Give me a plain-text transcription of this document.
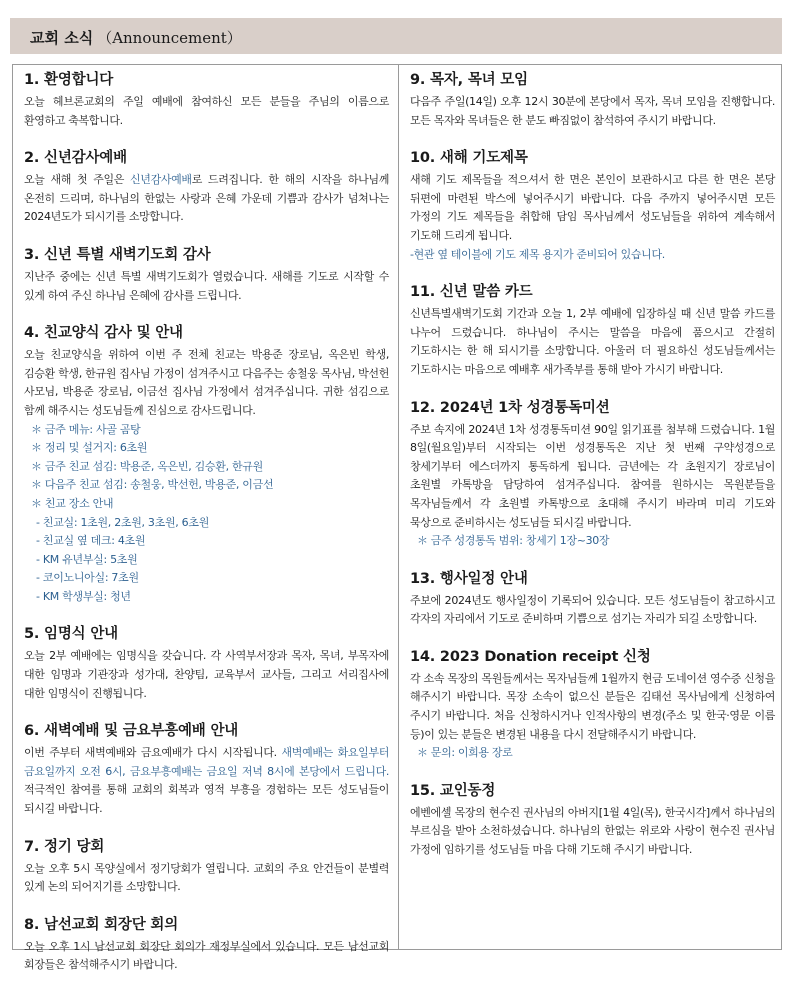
교회 소식 （Announcement）
1. 환영합니다

오늘 헤브론교회의 주일 예배에 참여하신 모든 분들을 주님의 이름으로 환영하고 축복합니다.

2. 신년감사예배

오늘 새해 첫 주일은 신년감사예배로 드려집니다. 한 해의 시작을 하나님께 온전히 드리며, 하나님의 한없는 사랑과 은혜 가운데 기쁨과 감사가 넘쳐나는 2024년도가 되시기를 소망합니다.

3. 신년 특별 새벽기도회 감사

지난주 중에는 신년 특별 새벽기도회가 열렸습니다. 새해를 기도로 시작할 수 있게 하여 주신 하나님 은혜에 감사를 드립니다.

4. 친교양식 감사 및 안내

오늘 친교양식을 위하여 이번 주 전체 친교는 박용준 장로님, 옥은빈 학생, 김승환 학생, 한규원 집사님 가정이 섬겨주시고 다음주는 송철웅 목사님, 박선헌 사모님, 박용준 장로님, 이금선 집사님 가정에서 섬겨주십니다. 귀한 섬김으로 함께 해주시는 성도님들께 진심으로 감사드립니다.

＊ 금주 메뉴: 사골 곰탕
＊ 정리 및 설거지: 6초원
＊ 금주 친교 섬김: 박용준, 옥은빈, 김승환, 한규원
＊ 다음주 친교 섬김: 송철웅, 박선헌, 박용준, 이금선
＊ 친교 장소 안내
- 친교실: 1초원, 2초원, 3초원, 6초원
- 친교실 옆 데크: 4초원
- KM 유년부실: 5초원
- 코이노니아실: 7초원
- KM 학생부실: 청년
5. 임명식 안내

오늘 2부 예배에는 임명식을 갖습니다. 각 사역부서장과 목자, 목녀, 부목자에 대한 임명과 기관장과 성가대, 찬양팀, 교육부서 교사들, 그리고 서리집사에 대한 임명식이 진행됩니다.

6. 새벽예배 및 금요부흥예배 안내

이번 주부터 새벽예배와 금요예배가 다시 시작됩니다. 새벽예배는 화요일부터 금요일까지 오전 6시, 금요부흥예배는 금요일 저녁 8시에 본당에서 드립니다. 적극적인 참여를 통해 교회의 회복과 영적 부흥을 경험하는 모든 성도님들이 되시길 바랍니다.

7. 정기 당회

오늘 오후 5시 목양실에서 정기당회가 열립니다. 교회의 주요 안건들이 분별력 있게 논의 되어지기를 소망합니다.

8. 남선교회 회장단 회의

오늘 오후 1시 남선교회 회장단 회의가 재정부실에서 있습니다. 모든 남선교회 회장들은 참석해주시기 바랍니다.

9. 목자, 목녀 모임

다음주 주일(14일) 오후 12시 30분에 본당에서 목자, 목녀 모임을 진행합니다. 모든 목자와 목녀들은 한 분도 빠짐없이 참석하여 주시기 바랍니다.

10. 새해 기도제목

새해 기도 제목들을 적으셔서 한 면은 본인이 보관하시고 다른 한 면은 본당 뒤편에 마련된 박스에 넣어주시기 바랍니다. 다음 주까지 넣어주시면 모든 가정의 기도 제목들을 취합해 담임 목사님께서 성도님들을 위하여 계속해서 기도해 드리게 됩니다.

-현관 옆 테이블에 기도 제목 용지가 준비되어 있습니다.
11. 신년 말씀 카드

신년특별새벽기도회 기간과 오늘 1, 2부 예배에 입장하실 때 신년 말씀 카드를 나누어 드렸습니다. 하나님이 주시는 말씀을 마음에 품으시고 간절히 기도하시는 한 해 되시기를 소망합니다. 아울러 더 필요하신 성도님들께서는 기도하시는 마음으로 예배후 새가족부를 통해 받아 가시기 바랍니다.

12. 2024년 1차 성경통독미션

주보 속지에 2024년 1차 성경통독미션 90일 읽기표를 첨부해 드렸습니다. 1월 8일(월요일)부터 시작되는 이번 성경통독은 지난 첫 번째 구약성경으로 창세기부터 에스더까지 통독하게 됩니다. 금년에는 각 초원지기 장로님이 초원별 카톡방을 담당하여 섬겨주십니다. 참여를 원하시는 목원분들을 목자님들께서 각 초원별 카톡방으로 초대해 주시기 바라며 미리 기도와 묵상으로 준비하시는 성도님들 되시길 바랍니다.

＊ 금주 성경통독 범위: 창세기 1장~30장
13. 행사일정 안내

주보에 2024년도 행사일정이 기록되어 있습니다. 모든 성도님들이 참고하시고 각자의 자리에서 기도로 준비하며 기쁨으로 섬기는 자리가 되길 소망합니다.

14. 2023 Donation receipt 신청

각 소속 목장의 목원들께서는 목자님들께 1월까지 현금 도네이션 영수증 신청을 해주시기 바랍니다. 목장 소속이 없으신 분들은 김태선 목사님에게 신청하여 주시기 바랍니다. 처음 신청하시거나 인적사항의 변경(주소 및 한국·영문 이름 등)이 있는 분들은 변경된 내용을 다시 전달해주시기 바랍니다.

＊ 문의: 이희용 장로
15. 교인동정

에벤에셀 목장의 현수진 권사님의 아버지[1월 4일(목), 한국시각]께서 하나님의 부르심을 받아 소천하셨습니다. 하나님의 한없는 위로와 사랑이 현수진 권사님 가정에 임하기를 성도님들 마음 다해 기도해 주시기 바랍니다.
